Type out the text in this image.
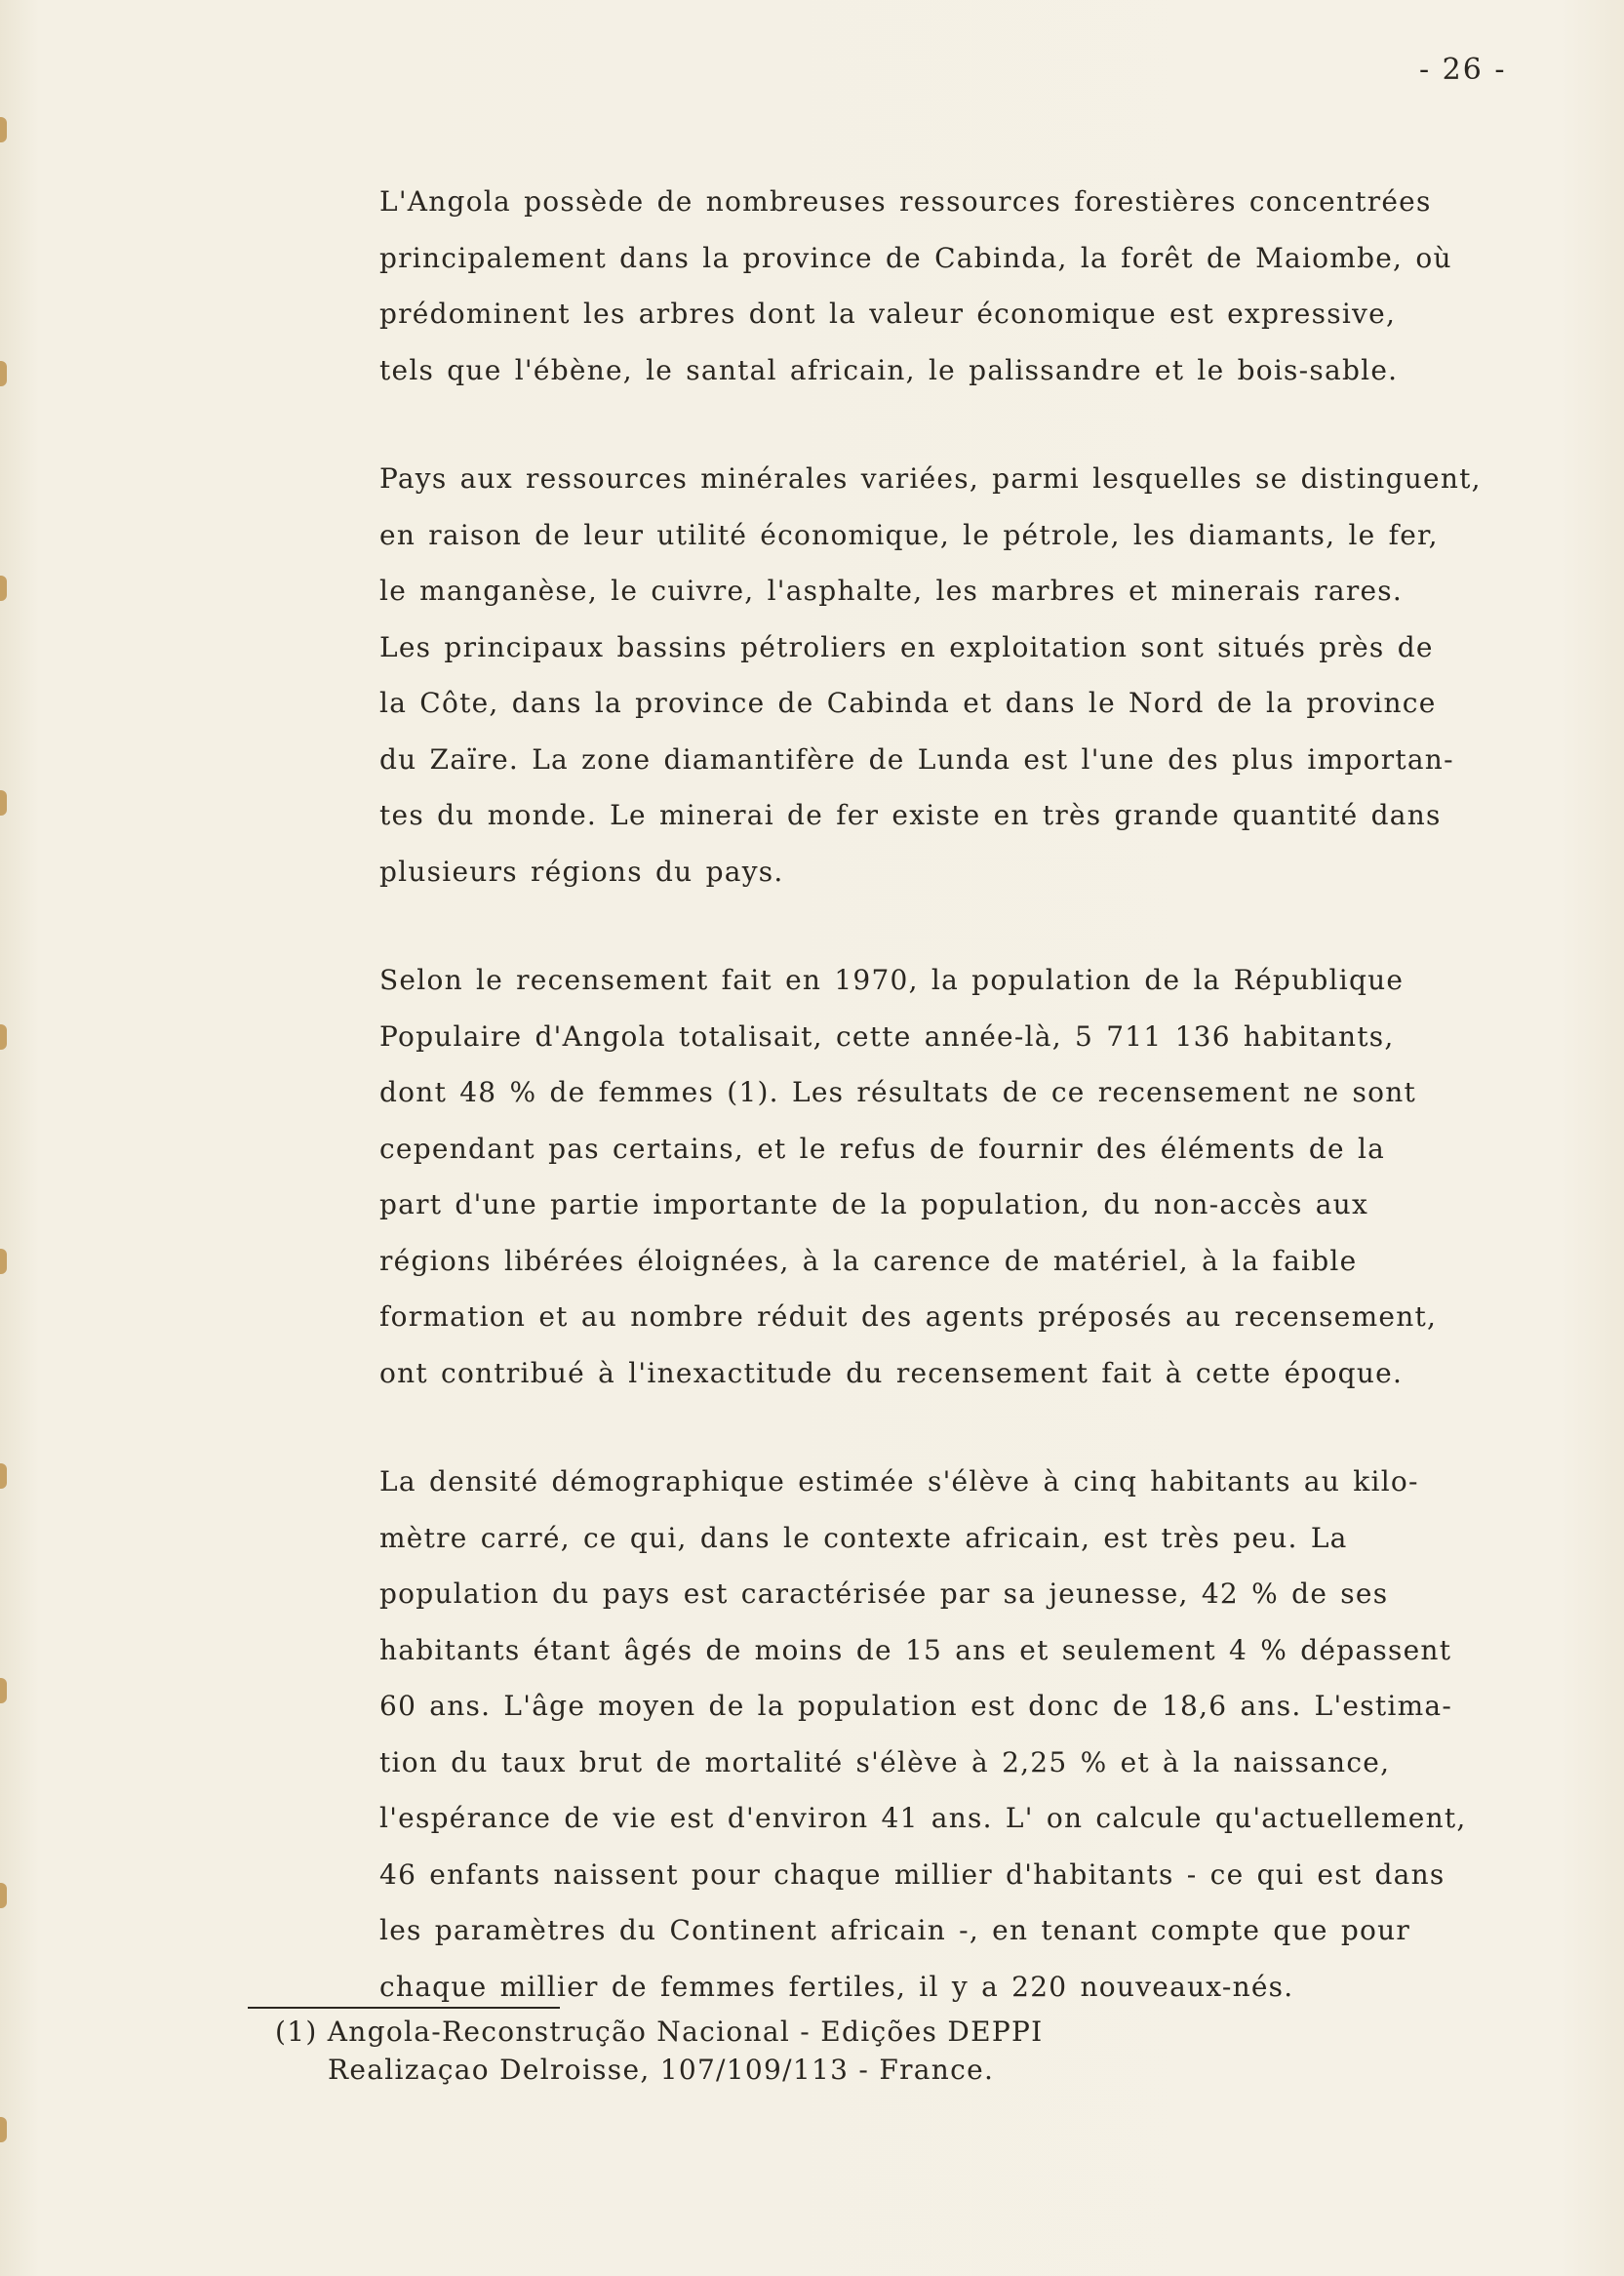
- 26 -
L'Angola possède de nombreuses ressources forestières concentrées
principalement dans la province de Cabinda, la forêt de Maiombe, où
prédominent les arbres dont la valeur économique est expressive,
tels que l'ébène, le santal africain, le palissandre et le bois-sable.
Pays aux ressources minérales variées, parmi lesquelles se distinguent,
en raison de leur utilité économique, le pétrole, les diamants, le fer,
le manganèse, le cuivre, l'asphalte, les marbres et minerais rares.
Les principaux bassins pétroliers en exploitation sont situés près de
la Côte, dans la province de Cabinda et dans le Nord de la province
du Zaïre. La zone diamantifère de Lunda est l'une des plus importan-
tes du monde. Le minerai de fer existe en très grande quantité dans
plusieurs régions du pays.
Selon le recensement fait en 1970, la population de la République
Populaire d'Angola totalisait, cette année-là, 5 711 136 habitants,
dont 48 % de femmes (1). Les résultats de ce recensement ne sont
cependant pas certains, et le refus de fournir des éléments de la
part d'une partie importante de la population, du non-accès aux
régions libérées éloignées, à la carence de matériel, à la faible
formation et au nombre réduit des agents préposés au recensement,
ont contribué à l'inexactitude du recensement fait à cette époque.
La densité démographique estimée s'élève à cinq habitants au kilo-
mètre carré, ce qui, dans le contexte africain, est très peu. La
population du pays est caractérisée par sa jeunesse, 42 % de ses
habitants étant âgés de moins de 15 ans et seulement 4 % dépassent
60 ans. L'âge moyen de la population est donc de 18,6 ans. L'estima-
tion du taux brut de mortalité s'élève à 2,25 % et à la naissance,
l'espérance de vie est d'environ 41 ans. L' on calcule qu'actuellement,
46 enfants naissent pour chaque millier d'habitants - ce qui est dans
les paramètres du Continent africain -, en tenant compte que pour
chaque millier de femmes fertiles, il y a 220 nouveaux-nés.
(1) Angola-Reconstrução Nacional - Edições DEPPI
Realizaçao Delroisse, 107/109/113 - France.
